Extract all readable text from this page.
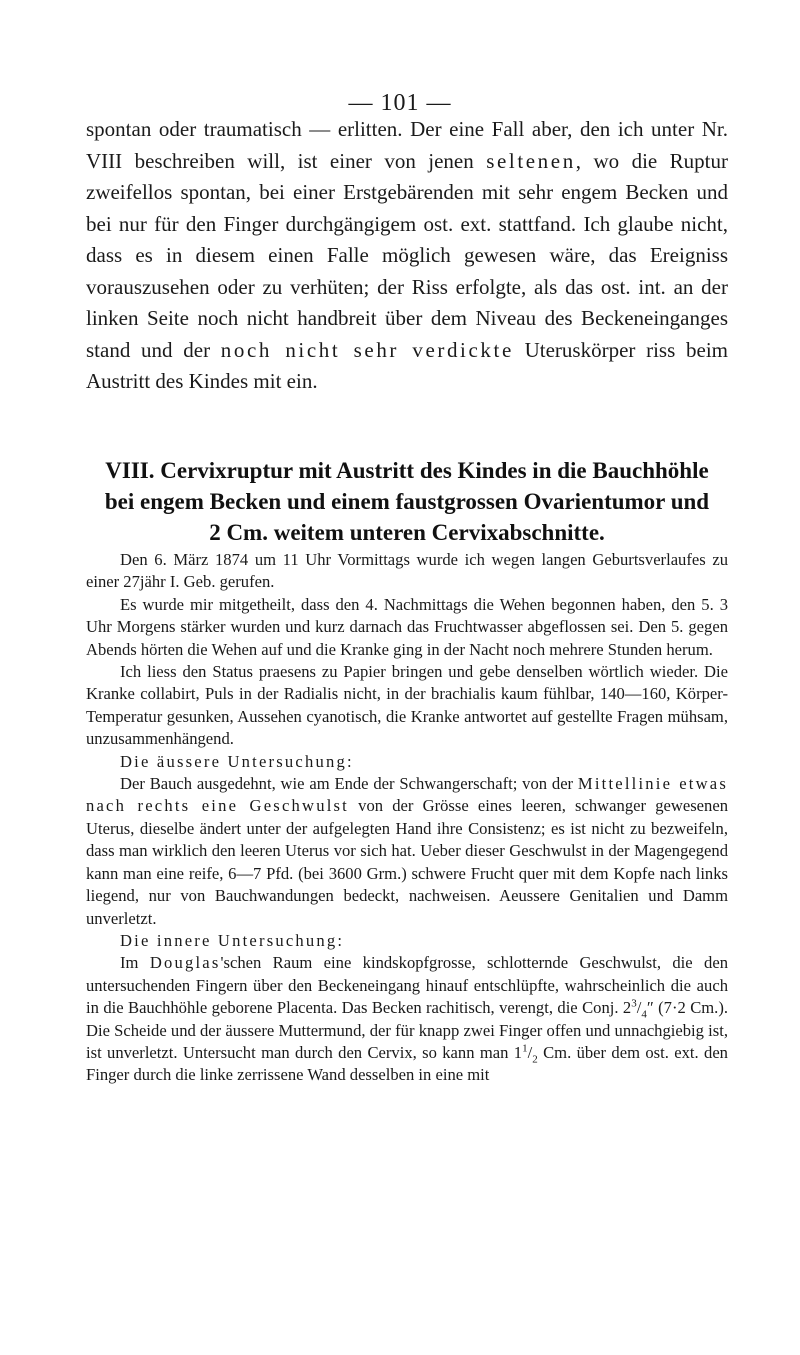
— 101 —

spontan oder traumatisch — erlitten. Der eine Fall aber, den ich unter Nr. VIII beschreiben will, ist einer von jenen seltenen, wo die Ruptur zweifellos spontan, bei einer Erstgebärenden mit sehr engem Becken und bei nur für den Finger durchgängigem ost. ext. stattfand. Ich glaube nicht, dass es in diesem einen Falle möglich gewesen wäre, das Ereigniss vorauszusehen oder zu verhüten; der Riss erfolgte, als das ost. int. an der linken Seite noch nicht handbreit über dem Niveau des Beckeneinganges stand und der noch nicht sehr verdickte Uteruskörper riss beim Austritt des Kindes mit ein.

VIII. Cervixruptur mit Austritt des Kindes in die Bauchhöhle
bei engem Becken und einem faustgrossen Ovarientumor und
2 Cm. weitem unteren Cervixabschnitte.

Den 6. März 1874 um 11 Uhr Vormittags wurde ich wegen langen Geburtsverlaufes zu einer 27jähr I. Geb. gerufen.

Es wurde mir mitgetheilt, dass den 4. Nachmittags die Wehen begonnen haben, den 5. 3 Uhr Morgens stärker wurden und kurz darnach das Fruchtwasser abgeflossen sei. Den 5. gegen Abends hörten die Wehen auf und die Kranke ging in der Nacht noch mehrere Stunden herum.

Ich liess den Status praesens zu Papier bringen und gebe denselben wörtlich wieder. Die Kranke collabirt, Puls in der Radialis nicht, in der brachialis kaum fühlbar, 140—160, Körper-Temperatur gesunken, Aussehen cyanotisch, die Kranke antwortet auf gestellte Fragen mühsam, unzusammenhängend.

Die äussere Untersuchung:

Der Bauch ausgedehnt, wie am Ende der Schwangerschaft; von der Mittellinie etwas nach rechts eine Geschwulst von der Grösse eines leeren, schwanger gewesenen Uterus, dieselbe ändert unter der aufgelegten Hand ihre Consistenz; es ist nicht zu bezweifeln, dass man wirklich den leeren Uterus vor sich hat. Ueber dieser Geschwulst in der Magengegend kann man eine reife, 6—7 Pfd. (bei 3600 Grm.) schwere Frucht quer mit dem Kopfe nach links liegend, nur von Bauchwandungen bedeckt, nachweisen. Aeussere Genitalien und Damm unverletzt.

Die innere Untersuchung:

Im Douglas'schen Raum eine kindskopfgrosse, schlotternde Geschwulst, die den untersuchenden Fingern über den Beckeneingang hinauf entschlüpfte, wahrscheinlich die auch in die Bauchhöhle geborene Placenta. Das Becken rachitisch, verengt, die Conj. $2^3/_4''$ (7·2 Cm.). Die Scheide und der äussere Muttermund, der für knapp zwei Finger offen und unnachgiebig ist, ist unverletzt. Untersucht man durch den Cervix, so kann man $1^1/_2$ Cm. über dem ost. ext. den Finger durch die linke zerrissene Wand desselben in eine mit
